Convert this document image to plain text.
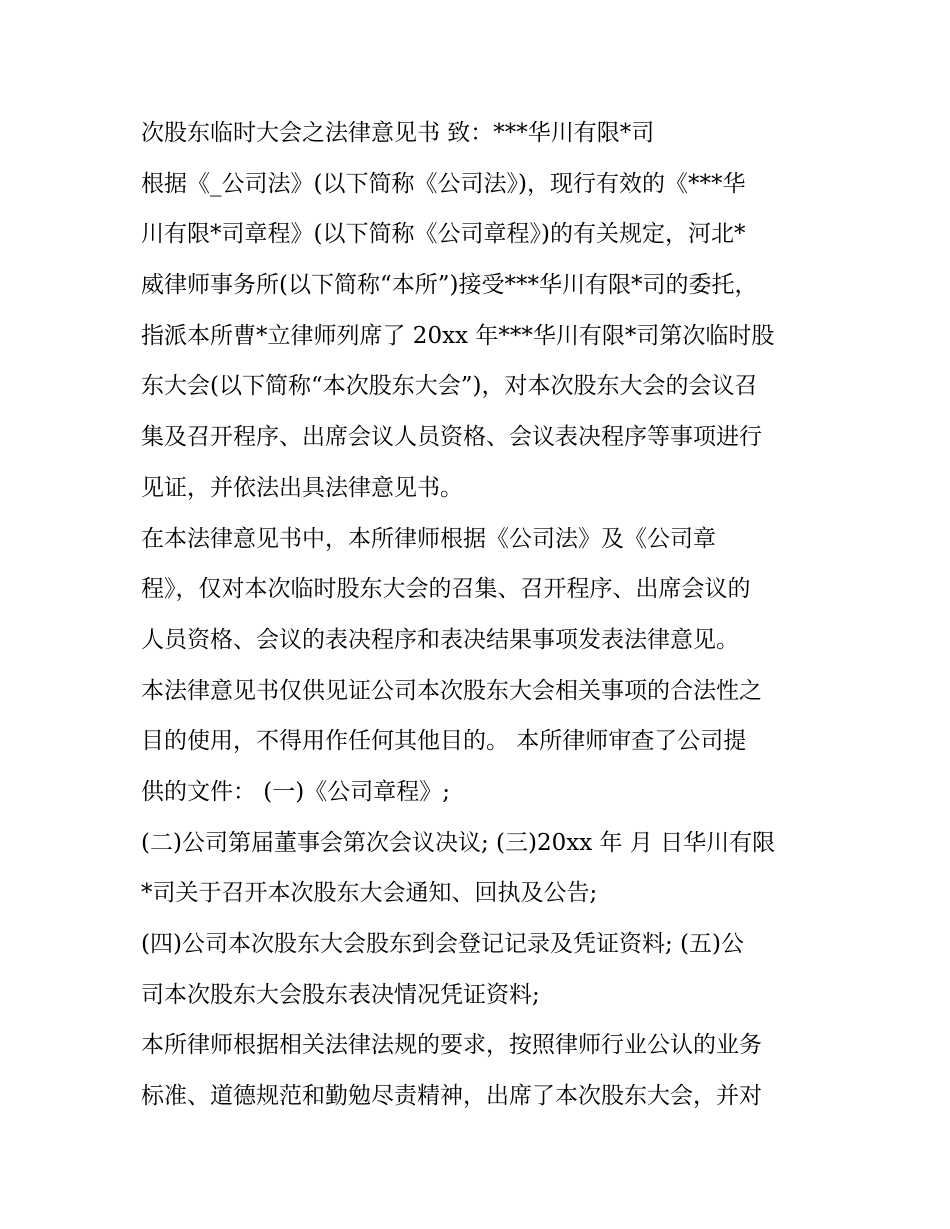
次股东临时大会之法律意见书 致：***华川有限*司
根据《_公司法》(以下简称《公司法》)，现行有效的《***华
川有限*司章程》(以下简称《公司章程》)的有关规定，河北*
威律师事务所(以下简称“本所”)接受***华川有限*司的委托，
指派本所曹*立律师列席了 20xx 年***华川有限*司第次临时股
东大会(以下简称“本次股东大会”)，对本次股东大会的会议召
集及召开程序、出席会议人员资格、会议表决程序等事项进行
见证，并依法出具法律意见书。
在本法律意见书中，本所律师根据《公司法》及《公司章
程》，仅对本次临时股东大会的召集、召开程序、出席会议的
人员资格、会议的表决程序和表决结果事项发表法律意见。
本法律意见书仅供见证公司本次股东大会相关事项的合法性之
目的使用，不得用作任何其他目的。 本所律师审查了公司提
供的文件： (一)《公司章程》;
(二)公司第届董事会第次会议决议; (三)20xx 年 月 日华川有限
*司关于召开本次股东大会通知、回执及公告;
(四)公司本次股东大会股东到会登记记录及凭证资料; (五)公
司本次股东大会股东表决情况凭证资料;
本所律师根据相关法律法规的要求，按照律师行业公认的业务
标准、道德规范和勤勉尽责精神，出席了本次股东大会，并对
